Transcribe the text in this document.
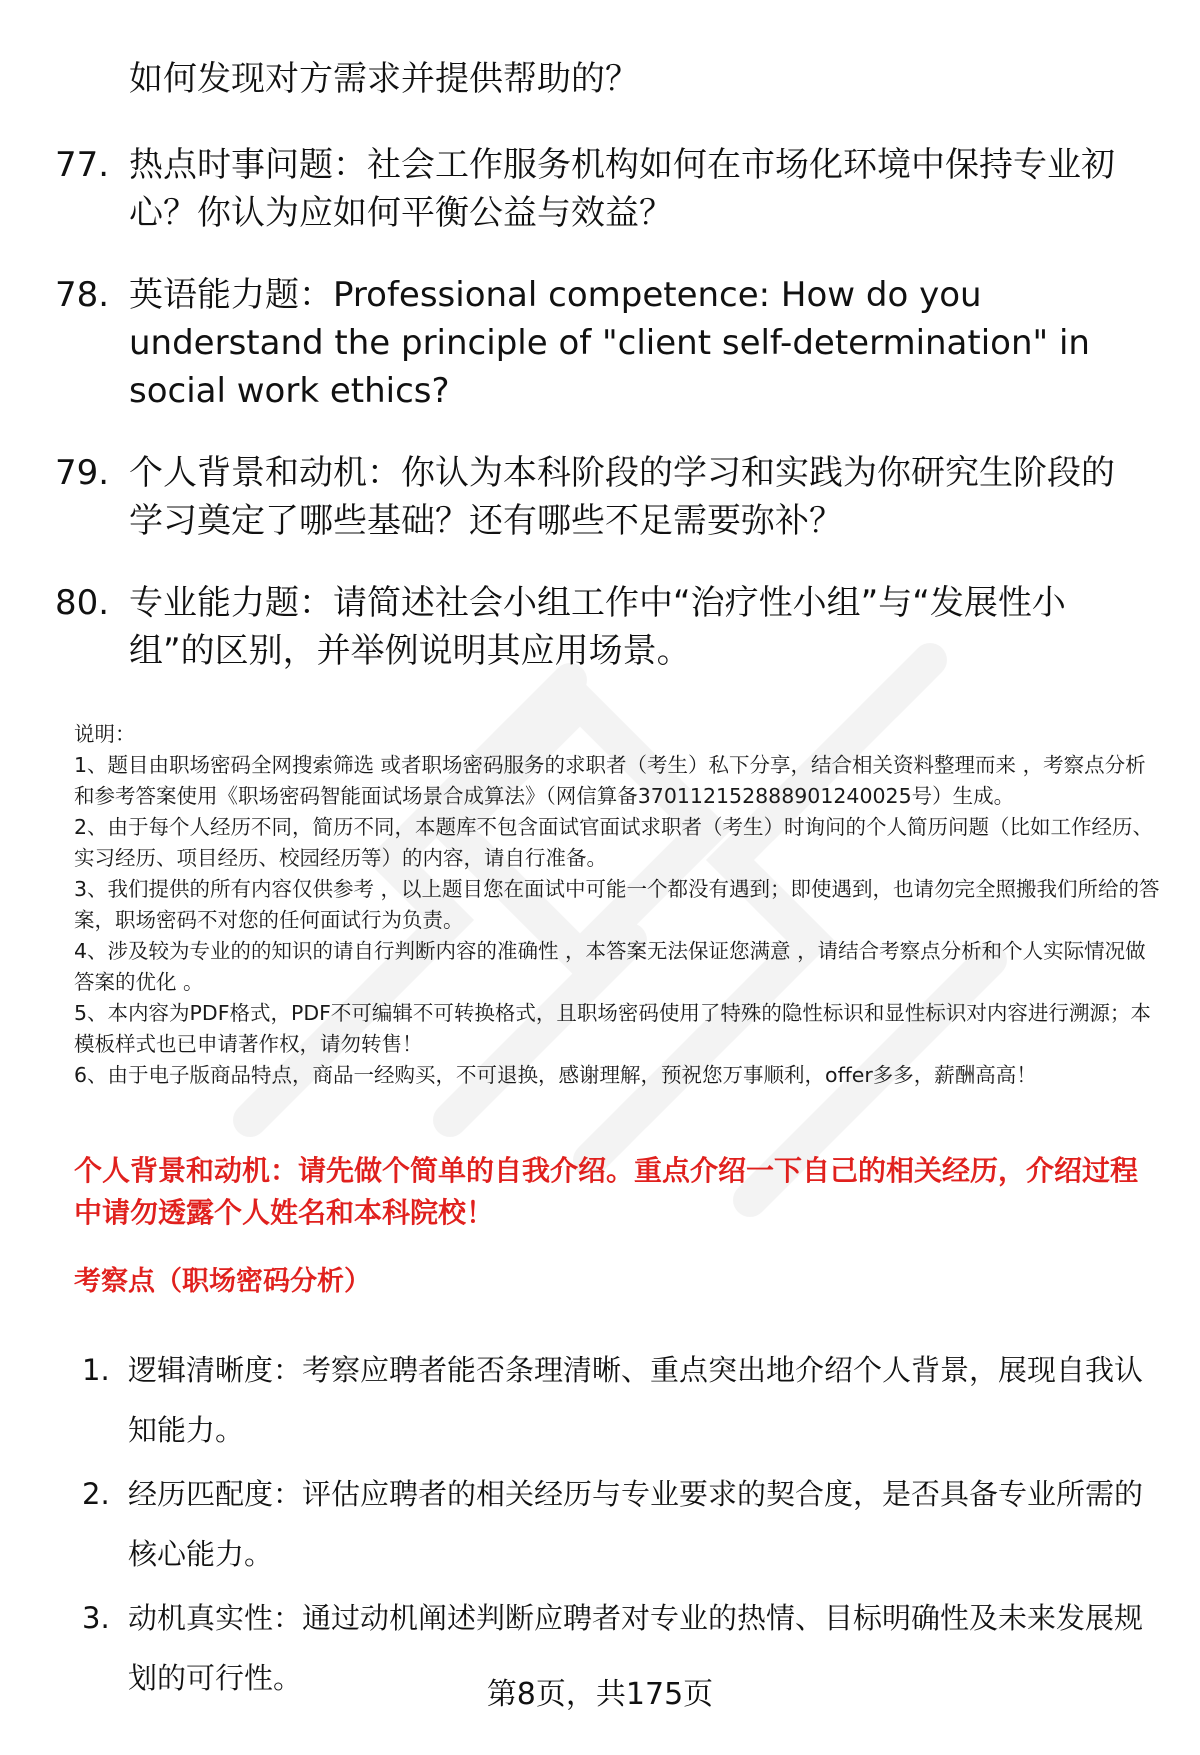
如何发现对方需求并提供帮助的？
77. 热点时事问题：社会工作服务机构如何在市场化环境中保持专业初心？你认为应如何平衡公益与效益？
78. 英语能力题：Professional competence: How do you understand the principle of "client self-determination" in social work ethics?
79. 个人背景和动机：你认为本科阶段的学习和实践为你研究生阶段的学习奠定了哪些基础？还有哪些不足需要弥补？
80. 专业能力题：请简述社会小组工作中“治疗性小组”与“发展性小组”的区别，并举例说明其应用场景。

说明：

1、题目由职场密码全网搜索筛选 或者职场密码服务的求职者（考生）私下分享，结合相关资料整理而来 ，考察点分析和参考答案使用《职场密码智能面试场景合成算法》（网信算备370112152888901240025号）生成。

2、由于每个人经历不同，简历不同，本题库不包含面试官面试求职者（考生）时询问的个人简历问题（比如工作经历、实习经历、项目经历、校园经历等）的内容，请自行准备。

3、我们提供的所有内容仅供参考 ，以上题目您在面试中可能一个都没有遇到；即使遇到，也请勿完全照搬我们所给的答案，职场密码不对您的任何面试行为负责。

4、涉及较为专业的的知识的请自行判断内容的准确性 ，本答案无法保证您满意 ，请结合考察点分析和个人实际情况做答案的优化 。

5、本内容为PDF格式，PDF不可编辑不可转换格式，且职场密码使用了特殊的隐性标识和显性标识对内容进行溯源；本模板样式也已申请著作权，请勿转售！

6、由于电子版商品特点，商品一经购买，不可退换，感谢理解，预祝您万事顺利，offer多多，薪酬高高！

个人背景和动机：请先做个简单的自我介绍。重点介绍一下自己的相关经历，介绍过程中请勿透露个人姓名和本科院校！
考察点（职场密码分析）
1. 逻辑清晰度：考察应聘者能否条理清晰、重点突出地介绍个人背景，展现自我认知能力。
2. 经历匹配度：评估应聘者的相关经历与专业要求的契合度，是否具备专业所需的核心能力。
3. 动机真实性：通过动机阐述判断应聘者对专业的热情、目标明确性及未来发展规划的可行性。	第8页，共175页
